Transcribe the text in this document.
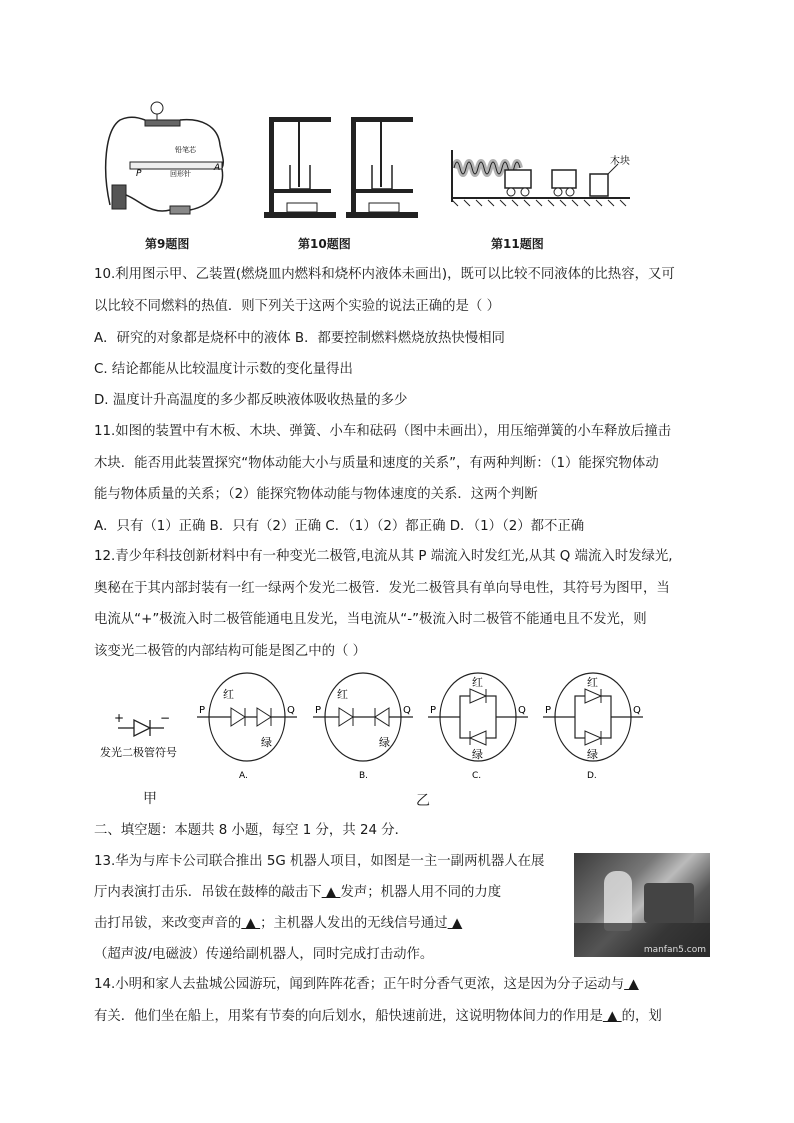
P
A
铅笔芯
回形针
第9题图	第10题图
木块
第11题图
10.利用图示甲、乙装置(燃烧皿内燃料和烧杯内液体未画出)，既可以比较不同液体的比热容，又可
以比较不同燃料的热值．则下列关于这两个实验的说法正确的是（ ）
A．研究的对象都是烧杯中的液体 B．都要控制燃料燃烧放热快慢相同
C. 结论都能从比较温度计示数的变化量得出
D. 温度计升高温度的多少都反映液体吸收热量的多少
11.如图的装置中有木板、木块、弹簧、小车和砝码（图中未画出），用压缩弹簧的小车释放后撞击
木块．能否用此装置探究“物体动能大小与质量和速度的关系”，有两种判断：（1）能探究物体动
能与物体质量的关系；（2）能探究物体动能与物体速度的关系．这两个判断
A．只有（1）正确 B．只有（2）正确 C．（1）（2）都正确 D．（1）（2）都不正确
12.青少年科技创新材料中有一种变光二极管,电流从其 P 端流入时发红光,从其 Q 端流入时发绿光,
奥秘在于其内部封装有一红一绿两个发光二极管．发光二极管具有单向导电性，其符号为图甲，当
电流从“+”极流入时二极管能通电且发光，当电流从“-”极流入时二极管不能通电且不发光，则
该变光二极管的内部结构可能是图乙中的（ ）
+	−
发光二极管符号
红
绿
P	Q
A.
红
绿
P	Q
B.
红
绿
P	Q
C.
红
绿
P	Q
D.
甲	乙
二、填空题：本题共 8 小题，每空 1 分，共 24 分．
13.华为与库卡公司联合推出 5G 机器人项目，如图是一主一副两机器人在展
厅内表演打击乐．吊钹在鼓棒的敲击下 ▲ 发声；机器人用不同的力度
击打吊钹，来改变声音的 ▲ ；主机器人发出的无线信号通过 ▲
（超声波/电磁波）传递给副机器人，同时完成打击动作。	manfan5.com
14.小明和家人去盐城公园游玩，闻到阵阵花香；正午时分香气更浓，这是因为分子运动与 ▲
有关．他们坐在船上，用桨有节奏的向后划水，船快速前进，这说明物体间力的作用是 ▲ 的，划
